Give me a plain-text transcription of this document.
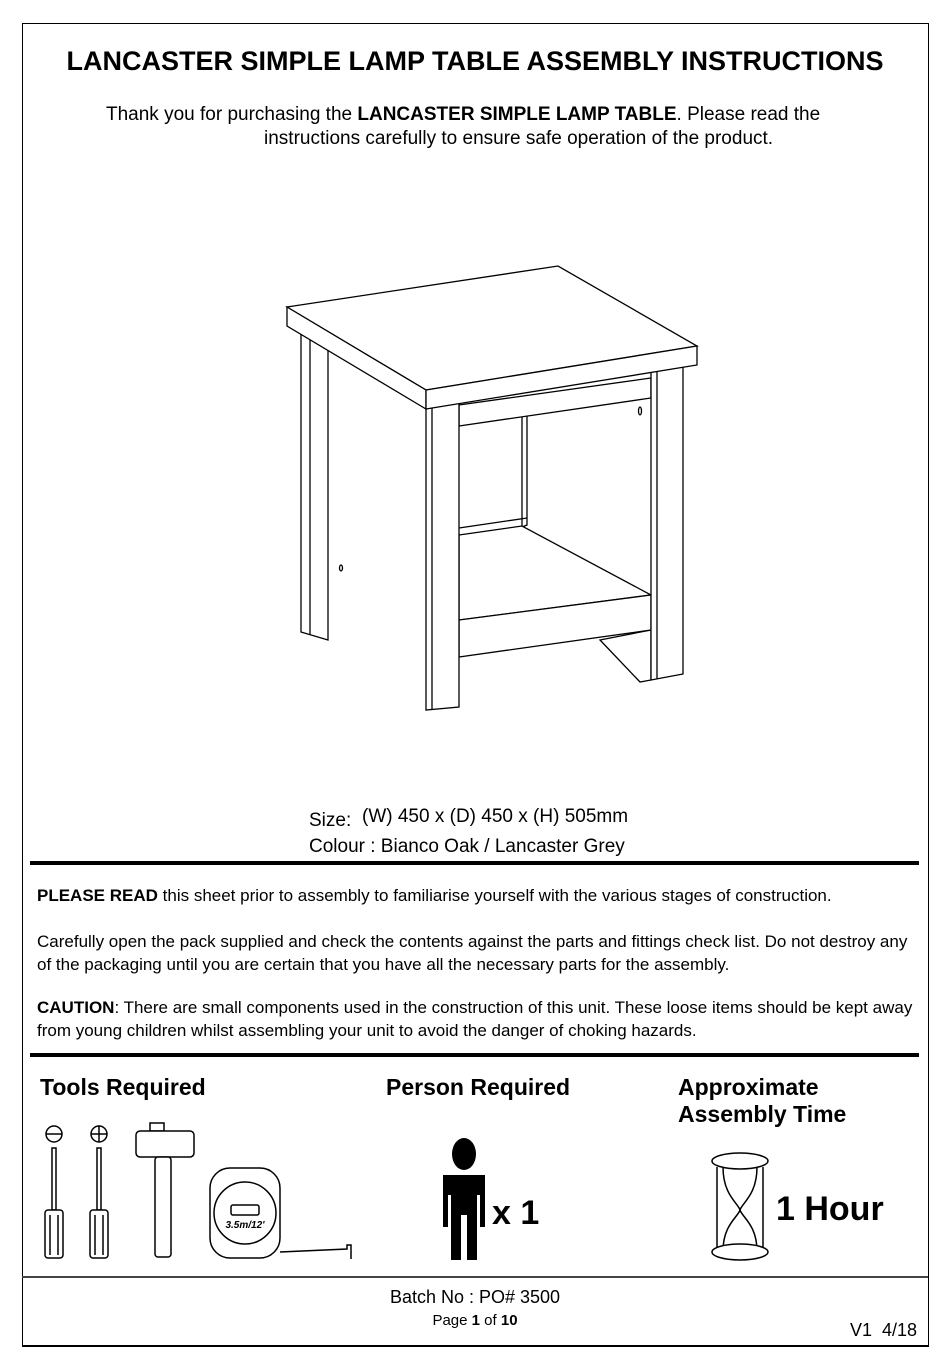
LANCASTER SIMPLE LAMP TABLE ASSEMBLY INSTRUCTIONS
Thank you for purchasing the LANCASTER SIMPLE LAMP TABLE. Please read the
instructions carefully to ensure safe operation of the product.
Size: (W) 450 x (D) 450 x (H) 505mm
Colour : Bianco Oak / Lancaster Grey
PLEASE READ this sheet prior to assembly to familiarise yourself with the various stages of construction.
Carefully open the pack supplied and check the contents against the parts and fittings check list. Do not destroy any of the packaging until you are certain that you have all the necessary parts for the assembly.
CAUTION: There are small components used in the construction of this unit. These loose items should be kept away from young children whilst assembling your unit to avoid the danger of choking hazards.
Tools Required	Person Required	Approximate
Assembly Time
3.5m/12'	x 1	1 Hour
Batch No : PO# 3500
Page 1 of 10	V1  4/18
